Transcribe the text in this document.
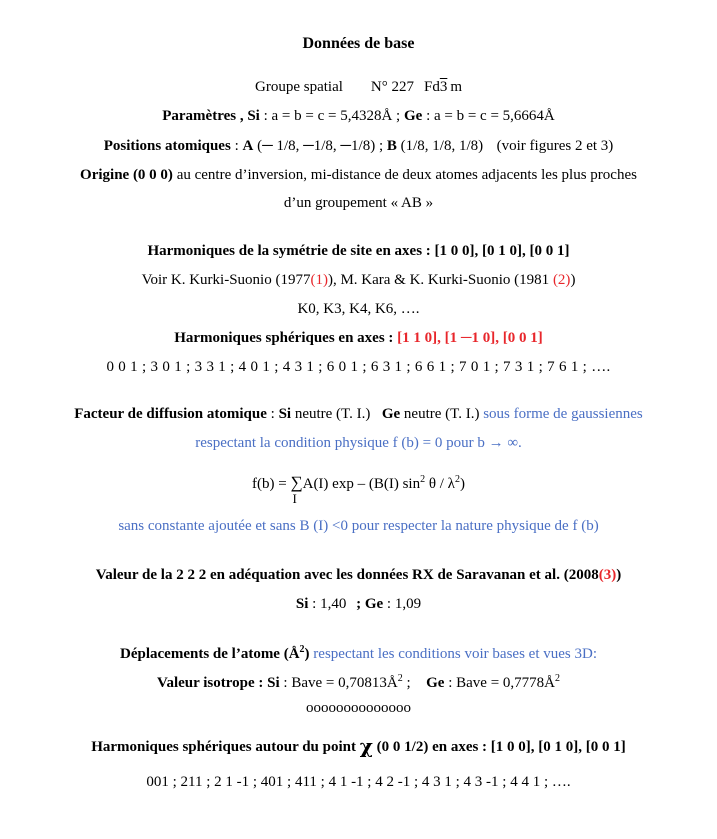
Données de base
Groupe spatial N° 227 Fd3 m
Paramètres , Si : a = b = c = 5,4328Å ; Ge : a = b = c = 5,6664Å
Positions atomiques : A (─ 1/8, ─1/8, ─1/8) ; B (1/8, 1/8, 1/8) (voir figures 2 et 3)
Origine (0 0 0) au centre d’inversion, mi-distance de deux atomes adjacents les plus proches
d’un groupement « AB »
Harmoniques de la symétrie de site en axes : [1 0 0], [0 1 0], [0 0 1]
Voir K. Kurki-Suonio (1977(1)), M. Kara & K. Kurki-Suonio (1981 (2))
K0, K3, K4, K6, ….
Harmoniques sphériques en axes : [1 1 0], [1 ─1 0], [0 0 1]
0 0 1 ; 3 0 1 ; 3 3 1 ; 4 0 1 ; 4 3 1 ; 6 0 1 ; 6 3 1 ; 6 6 1 ; 7 0 1 ; 7 3 1 ; 7 6 1 ; ….
Facteur de diffusion atomique : Si neutre (T. I.) Ge neutre (T. I.) sous forme de gaussiennes
respectant la condition physique f (b) = 0 pour b → ∞.
f(b) = ∑
I
A(I) exp – (B(I) $\sin^2 \theta / \lambda^2$)
sans constante ajoutée et sans B (I) <0 pour respecter la nature physique de f (b)
Valeur de la 2 2 2 en adéquation avec les données RX de Saravanan et al. (2008(3))
Si : 1,40 ; Ge : 1,09
Déplacements de l’atome $(Å^2)$ respectant les conditions voir bases et vues 3D:
Valeur isotrope : Si : Bave = $0,70813Å^2$ ; Ge : Bave = $0,7778Å^2$
oooooooooooooo
Harmoniques sphériques autour du point χ (0 0 1/2) en axes : [1 0 0], [0 1 0], [0 0 1]
001 ; 211 ; 2 1 -1 ; 401 ; 411 ; 4 1 -1 ; 4 2 -1 ; 4 3 1 ; 4 3 -1 ; 4 4 1 ; ….
